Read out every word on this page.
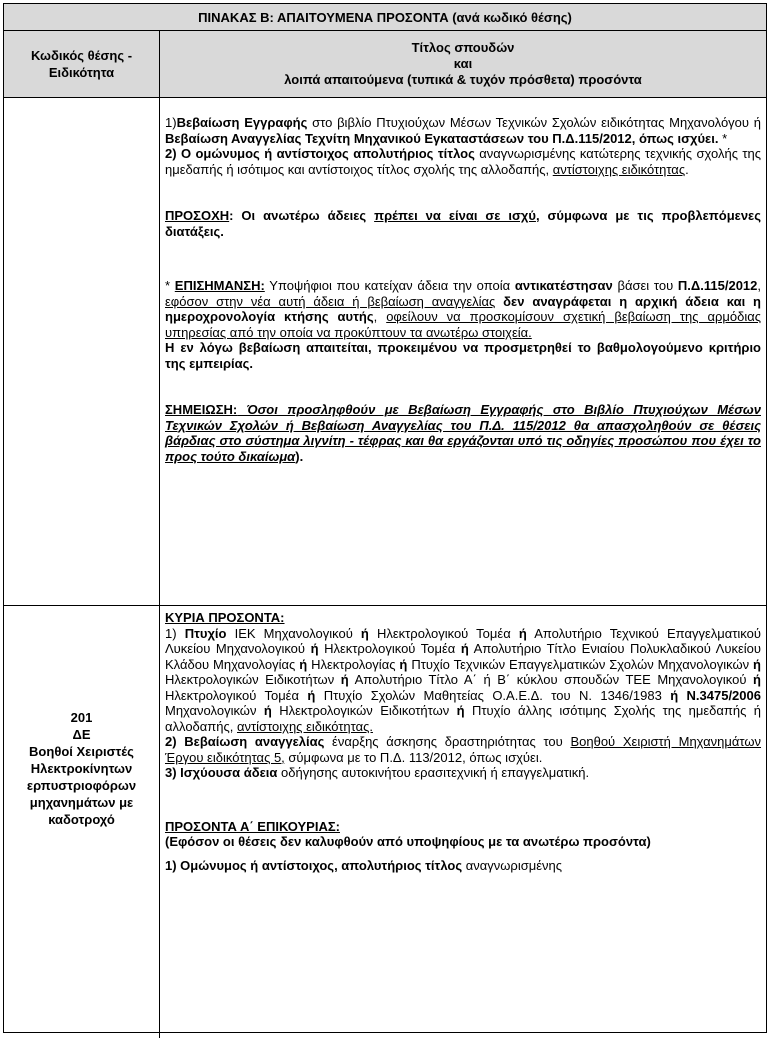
ΠΙΝΑΚΑΣ Β: ΑΠΑΙΤΟΥΜΕΝΑ ΠΡΟΣΟΝΤΑ (ανά κωδικό θέσης)
Κωδικός θέσης - Ειδικότητα
Τίτλος σπουδών
και
λοιπά απαιτούμενα (τυπικά & τυχόν πρόσθετα) προσόντα

1)Βεβαίωση Εγγραφής στο βιβλίο Πτυχιούχων Μέσων Τεχνικών Σχολών ειδικότητας Μηχανολόγου ή Βεβαίωση Αναγγελίας Τεχνίτη Μηχανικού Εγκαταστάσεων του Π.Δ.115/2012, όπως ισχύει. *

2) Ο ομώνυμος ή αντίστοιχος απολυτήριος τίτλος αναγνωρισμένης κατώτερης τεχνικής σχολής της ημεδαπής ή ισότιμος και αντίστοιχος τίτλος σχολής της αλλοδαπής, αντίστοιχης ειδικότητας.

ΠΡΟΣΟΧΗ: Οι ανωτέρω άδειες πρέπει να είναι σε ισχύ, σύμφωνα με τις προβλεπόμενες διατάξεις.

* ΕΠΙΣΗΜΑΝΣΗ: Υποψήφιοι που κατείχαν άδεια την οποία αντικατέστησαν βάσει του Π.Δ.115/2012, εφόσον στην νέα αυτή άδεια ή βεβαίωση αναγγελίας δεν αναγράφεται η αρχική άδεια και η ημεροχρονολογία κτήσης αυτής, οφείλουν να προσκομίσουν σχετική βεβαίωση της αρμόδιας υπηρεσίας από την οποία να προκύπτουν τα ανωτέρω στοιχεία.

Η εν λόγω βεβαίωση απαιτείται, προκειμένου να προσμετρηθεί το βαθμολογούμενο κριτήριο της εμπειρίας.

ΣΗΜΕΙΩΣΗ: Όσοι προσληφθούν με Βεβαίωση Εγγραφής στο Βιβλίο Πτυχιούχων Μέσων Τεχνικών Σχολών ή Βεβαίωση Αναγγελίας του Π.Δ. 115/2012 θα απασχοληθούν σε θέσεις βάρδιας στο σύστημα λιγνίτη - τέφρας και θα εργάζονται υπό τις οδηγίες προσώπου που έχει το προς τούτο δικαίωμα).

201
ΔΕ
Βοηθοί Χειριστές
Ηλεκτροκίνητων
ερπυστριοφόρων
μηχανημάτων με
καδοτροχό

ΚΥΡΙΑ ΠΡΟΣΟΝΤΑ:

1) Πτυχίο ΙΕΚ Μηχανολογικού ή Ηλεκτρολογικού Τομέα ή Απολυτήριο Τεχνικού Επαγγελματικού Λυκείου Μηχανολογικού ή Ηλεκτρολογικού Τομέα ή Απολυτήριο Τίτλο Ενιαίου Πολυκλαδικού Λυκείου Κλάδου Μηχανολογίας ή Ηλεκτρολογίας ή Πτυχίο Τεχνικών Επαγγελματικών Σχολών Μηχανολογικών ή Ηλεκτρολογικών Ειδικοτήτων ή Απολυτήριο Τίτλο Α΄ ή Β΄ κύκλου σπουδών ΤΕΕ Μηχανολογικού ή Ηλεκτρολογικού Τομέα ή Πτυχίο Σχολών Μαθητείας Ο.Α.Ε.Δ. του Ν. 1346/1983 ή Ν.3475/2006 Μηχανολογικών ή Ηλεκτρολογικών Ειδικοτήτων ή Πτυχίο άλλης ισότιμης Σχολής της ημεδαπής ή αλλοδαπής, αντίστοιχης ειδικότητας.

2) Βεβαίωση αναγγελίας έναρξης άσκησης δραστηριότητας του Βοηθού Χειριστή Μηχανημάτων Έργου ειδικότητας 5, σύμφωνα με το Π.Δ. 113/2012, όπως ισχύει.

3) Ισχύουσα άδεια οδήγησης αυτοκινήτου ερασιτεχνική ή επαγγελματική.

ΠΡΟΣΟΝΤΑ Α΄ ΕΠΙΚΟΥΡΙΑΣ:

(Εφόσον οι θέσεις δεν καλυφθούν από υποψηφίους με τα ανωτέρω προσόντα)

1) Ομώνυμος ή αντίστοιχος, απολυτήριος τίτλος αναγνωρισμένης
